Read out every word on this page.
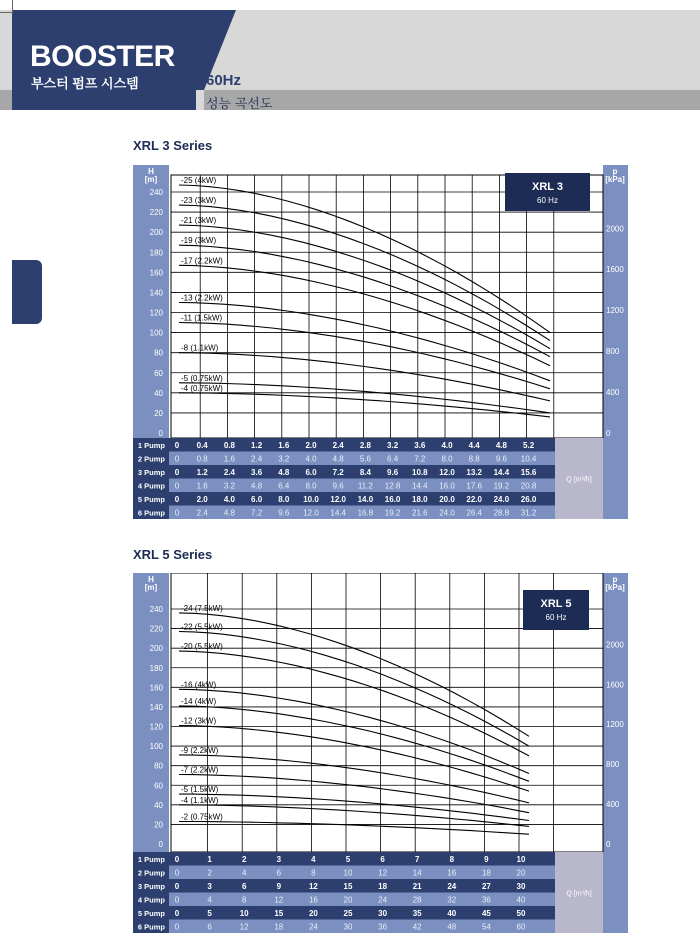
BOOSTER
부스터 펌프 시스템	60Hz
성능 곡선도
XRL 3 Series
XRL 5 Series
H
[m]
p
[kPa]
0
20
40
60
80
100
120
140
160
180
200
220
240
0
400
800
1200
1600
2000
-25 (4kW)
-23 (3kW)
-21 (3kW)
-19 (3kW)
-17 (2.2kW)
-13 (2.2kW)
-11 (1.5kW)
-8 (1.1kW)
-5 (0.75kW)
-4 (0.75kW)
XRL 3
60 Hz
1 Pump 0 0.4 0.8 1.2 1.6 2.0 2.4 2.8 3.2 3.6 4.0 4.4 4.8 5.2
2 Pump 0 0.8 1.6 2.4 3.2 4.0 4.8 5.6 6.4 7.2 8.0 8.8 9.6 10.4
3 Pump 0 1.2 2.4 3.6 4.8 6.0 7.2 8.4 9.6 10.8 12.0 13.2 14.4 15.6
4 Pump 0 1.6 3.2 4.8 6.4 8.0 9.6 11.2 12.8 14.4 16.0 17.6 19.2 20.8
5 Pump 0 2.0 4.0 6.0 8.0 10.0 12.0 14.0 16.0 18.0 20.0 22.0 24.0 26.0
6 Pump 0 2.4 4.8 7.2 9.6 12.0 14.4 16.8 19.2 21.6 24.0 26.4 28.8 31.2
Q [m³/h]
H
[m]
p
[kPa]
0
20
40
60
80
100
120
140
160
180
200
220
240
0
400
800
1200
1600
2000
-24 (7.5kW)
-22 (5.5kW)
-20 (5.5kW)
-16 (4kW)
-14 (4kW)
-12 (3kW)
-9 (2.2kW)
-7 (2.2kW)
-5 (1.5kW)
-4 (1.1kW)
-2 (0.75kW)
XRL 5
60 Hz
1 Pump 0	1	2	3	4	5	6	7	8	9	10
2 Pump 0	2	4	6	8	10	12	14	16	18	20
3 Pump 0	3	6	9	12	15	18	21	24	27	30
4 Pump 0	4	8	12	16	20	24	28	32	36	40
5 Pump 0	5	10	15	20	25	30	35	40	45	50
6 Pump 0	6	12	18	24	30	36	42	48	54	60
Q [m³/h]
